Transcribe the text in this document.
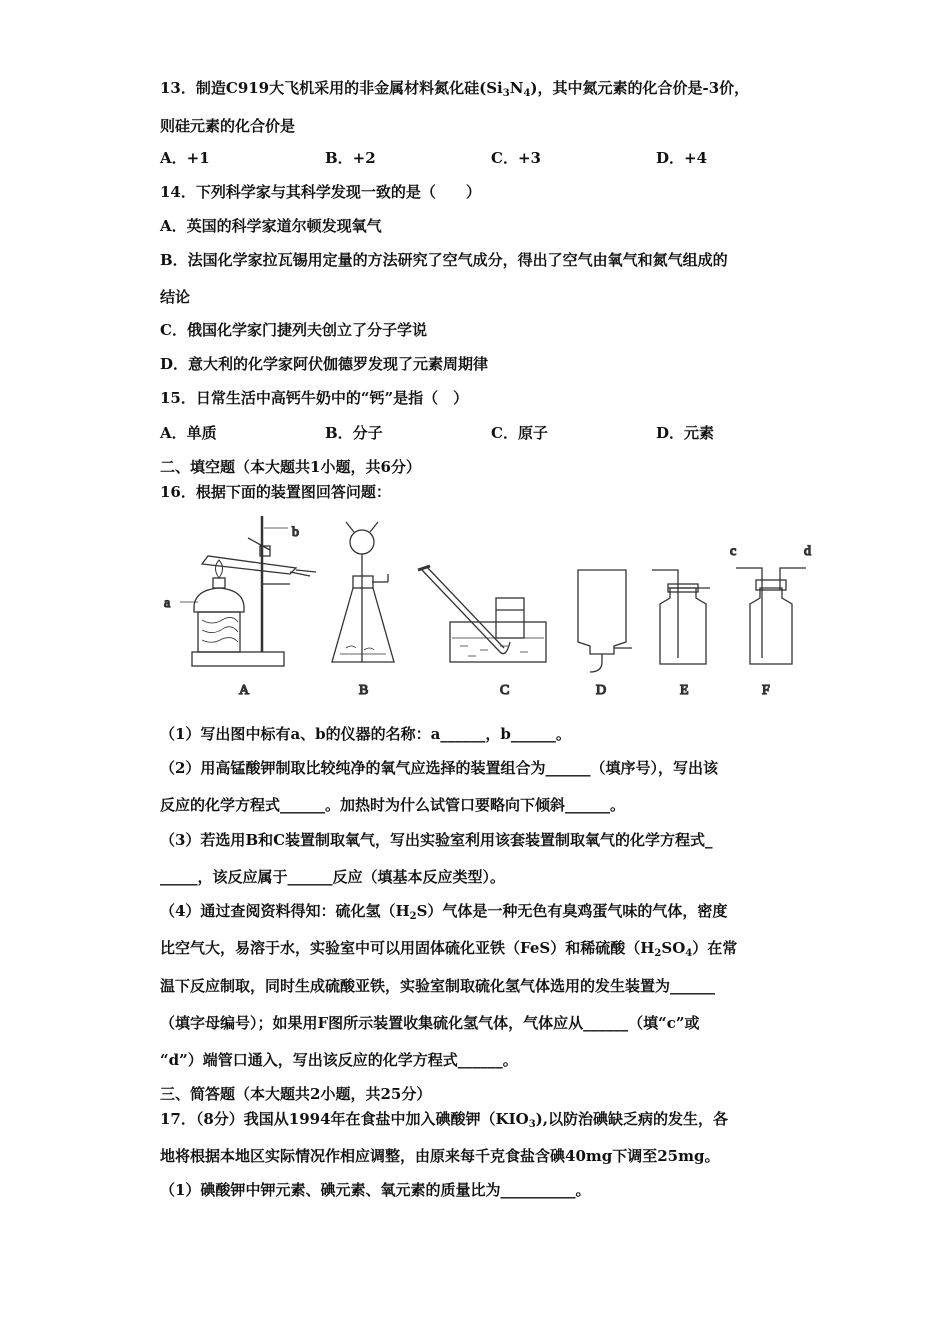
13．制造C919大飞机采用的非金属材料氮化硅$(Si_3N_4)$，其中氮元素的化合价是-3价，
则硅元素的化合价是
A．+1	B．+2	C．+3	D．+4
14．下列科学家与其科学发现一致的是（　　）
A．英国的科学家道尔顿发现氧气
B．法国化学家拉瓦锡用定量的方法研究了空气成分，得出了空气由氧气和氮气组成的
结论
C．俄国化学家门捷列夫创立了分子学说
D．意大利的化学家阿伏伽德罗发现了元素周期律
15．日常生活中高钙牛奶中的“钙”是指（　）
A．单质	B．分子	C．原子	D．元素
二、填空题（本大题共1小题，共6分）
16．根据下面的装置图回答问题：
a
b
A	B	C	D	E
c	d
F
（1）写出图中标有a、b的仪器的名称：a______，b______。
（2）用高锰酸钾制取比较纯净的氧气应选择的装置组合为______（填序号），写出该
反应的化学方程式______。加热时为什么试管口要略向下倾斜______。
（3）若选用B和C装置制取氧气，写出实验室利用该套装置制取氧气的化学方程式_
_____，该反应属于______反应（填基本反应类型）。
（4）通过查阅资料得知：硫化氢$(H_2S)$气体是一种无色有臭鸡蛋气味的气体，密度
比空气大，易溶于水，实验室中可以用固体硫化亚铁（FeS）和稀硫酸$(H_2SO_4)$在常
温下反应制取，同时生成硫酸亚铁，实验室制取硫化氢气体选用的发生装置为______
（填字母编号）；如果用F图所示装置收集硫化氢气体，气体应从______（填“c”或
“d”）端管口通入，写出该反应的化学方程式______。
三、简答题（本大题共2小题，共25分）
17．（8分）我国从1994年在食盐中加入碘酸钾$(KIO_3)$,以防治碘缺乏病的发生，各
地将根据本地区实际情况作相应调整，由原来每千克食盐含碘40mg下调至25mg。
（1）碘酸钾中钾元素、碘元素、氧元素的质量比为__________。
